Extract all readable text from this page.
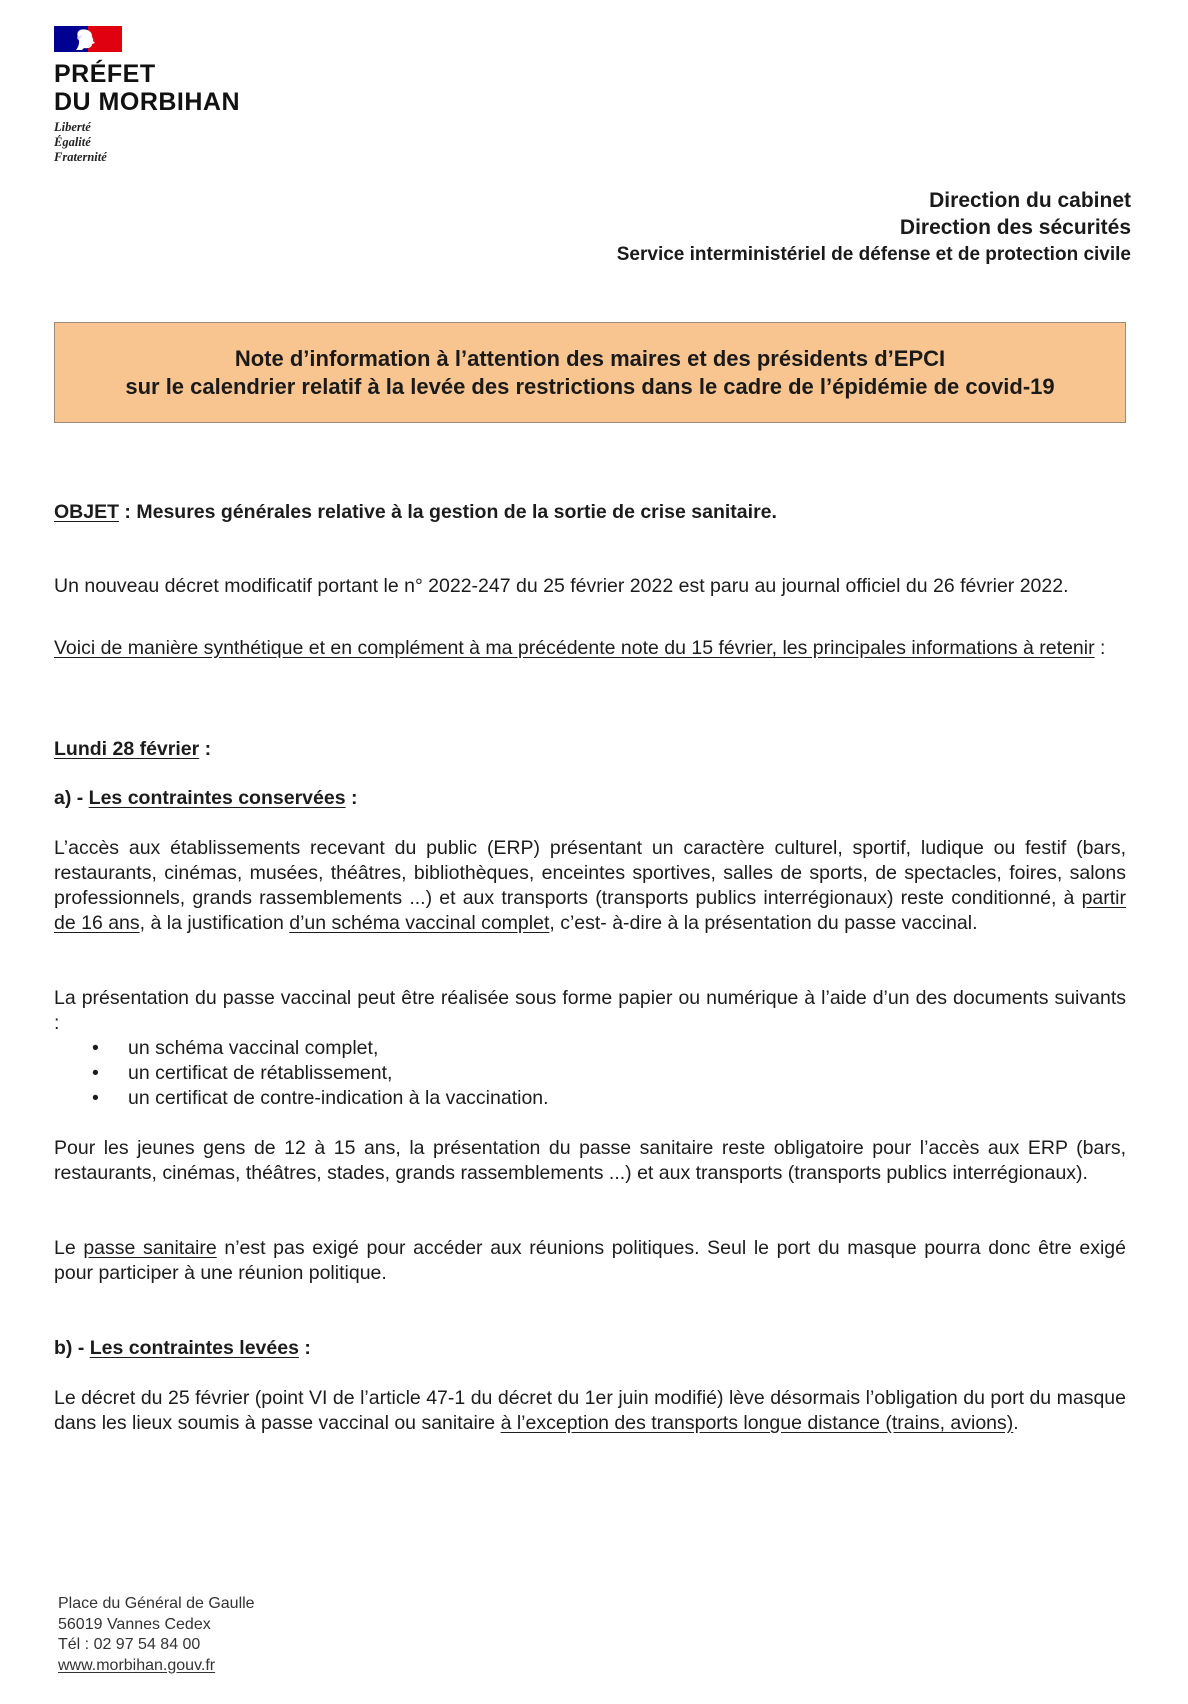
PRÉFET
DU MORBIHAN
Liberté
Égalité
Fraternité
Direction du cabinet
Direction des sécurités
Service interministériel de défense et de protection civile
Note d’information à l’attention des maires et des présidents d’EPCI
sur le calendrier relatif à la levée des restrictions dans le cadre de l’épidémie de covid-19
OBJET : Mesures générales relative à la gestion de la sortie de crise sanitaire.
Un nouveau décret modificatif portant le n° 2022-247 du 25 février 2022 est paru au journal officiel du 26 février 2022.
Voici de manière synthétique et en complément à ma précédente note du 15 février, les principales informations à retenir :
Lundi 28 février :
a) - Les contraintes conservées :
L’accès aux établissements recevant du public (ERP) présentant un caractère culturel, sportif, ludique ou festif (bars, restaurants, cinémas, musées, théâtres, bibliothèques, enceintes sportives, salles de sports, de spectacles, foires, salons professionnels, grands rassemblements ...) et aux transports (transports publics interrégionaux) reste conditionné, à partir de 16 ans, à la justification d’un schéma vaccinal complet, c’est- à-dire à la présentation du passe vaccinal.
La présentation du passe vaccinal peut être réalisée sous forme papier ou numérique à l’aide d’un des documents suivants :
• un schéma vaccinal complet,
• un certificat de rétablissement,
• un certificat de contre-indication à la vaccination.
Pour les jeunes gens de 12 à 15 ans, la présentation du passe sanitaire reste obligatoire pour l’accès aux ERP (bars, restaurants, cinémas, théâtres, stades, grands rassemblements ...) et aux transports (transports publics interrégionaux).
Le passe sanitaire n’est pas exigé pour accéder aux réunions politiques. Seul le port du masque pourra donc être exigé pour participer à une réunion politique.
b) - Les contraintes levées :
Le décret du 25 février (point VI de l’article 47-1 du décret du 1er juin modifié) lève désormais l’obligation du port du masque dans les lieux soumis à passe vaccinal ou sanitaire à l’exception des transports longue distance (trains, avions).
Place du Général de Gaulle
56019 Vannes Cedex
Tél : 02 97 54 84 00
www.morbihan.gouv.fr
